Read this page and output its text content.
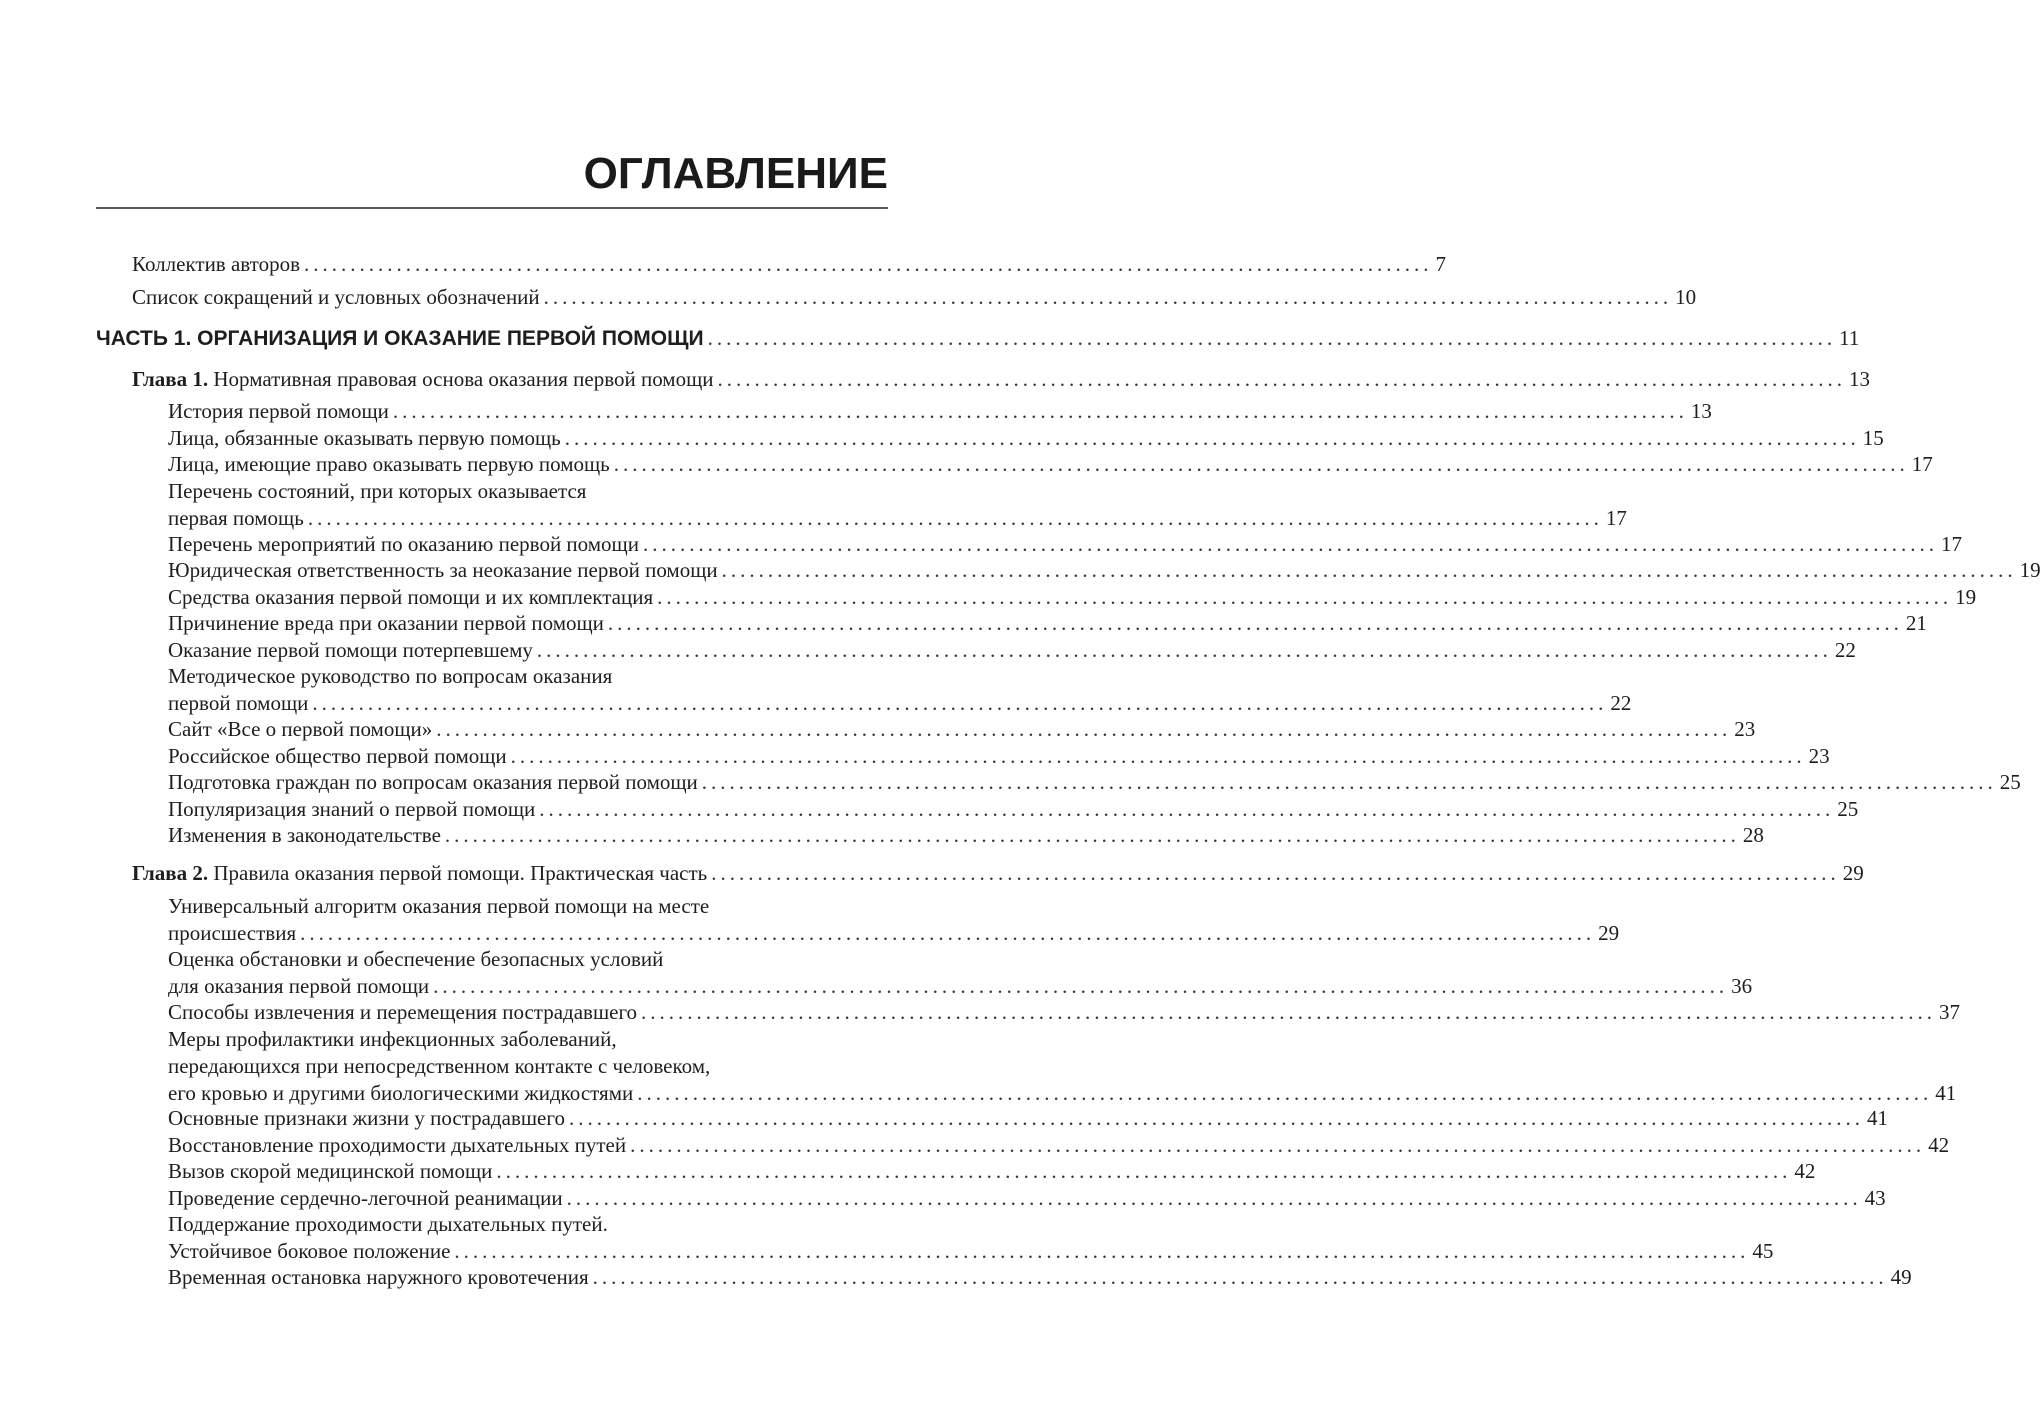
ОГЛАВЛЕНИЕ
Коллектив авторов .......................................................................................................................... 7
Список сокращений и условных обозначений .......................................................................................................................... 10
ЧАСТЬ 1. ОРГАНИЗАЦИЯ И ОКАЗАНИЕ ПЕРВОЙ ПОМОЩИ .......................................................................................................................... 11
Глава 1. Нормативная правовая основа оказания первой помощи .......................................................................................................................... 13
История первой помощи ............................................................................................................................................ 13
Лица, обязанные оказывать первую помощь ............................................................................................................................................ 15
Лица, имеющие право оказывать первую помощь ............................................................................................................................................ 17
Перечень состояний, при которых оказывается
первая помощь ............................................................................................................................................ 17
Перечень мероприятий по оказанию первой помощи ............................................................................................................................................ 17
Юридическая ответственность за неоказание первой помощи ............................................................................................................................................ 19
Средства оказания первой помощи и их комплектация ............................................................................................................................................ 19
Причинение вреда при оказании первой помощи ............................................................................................................................................ 21
Оказание первой помощи потерпевшему ............................................................................................................................................ 22
Методическое руководство по вопросам оказания
первой помощи ............................................................................................................................................ 22
Сайт «Все о первой помощи» ............................................................................................................................................ 23
Российское общество первой помощи ............................................................................................................................................ 23
Подготовка граждан по вопросам оказания первой помощи ............................................................................................................................................ 25
Популяризация знаний о первой помощи ............................................................................................................................................ 25
Изменения в законодательстве ............................................................................................................................................ 28
Глава 2. Правила оказания первой помощи. Практическая часть .......................................................................................................................... 29
Универсальный алгоритм оказания первой помощи на месте
происшествия ............................................................................................................................................ 29
Оценка обстановки и обеспечение безопасных условий
для оказания первой помощи ............................................................................................................................................ 36
Способы извлечения и перемещения пострадавшего ............................................................................................................................................ 37
Меры профилактики инфекционных заболеваний,
передающихся при непосредственном контакте с человеком,
его кровью и другими биологическими жидкостями ............................................................................................................................................ 41
Основные признаки жизни у пострадавшего ............................................................................................................................................ 41
Восстановление проходимости дыхательных путей ............................................................................................................................................ 42
Вызов скорой медицинской помощи ............................................................................................................................................ 42
Проведение сердечно-легочной реанимации ............................................................................................................................................ 43
Поддержание проходимости дыхательных путей.
Устойчивое боковое положение ............................................................................................................................................ 45
Временная остановка наружного кровотечения ............................................................................................................................................ 49
